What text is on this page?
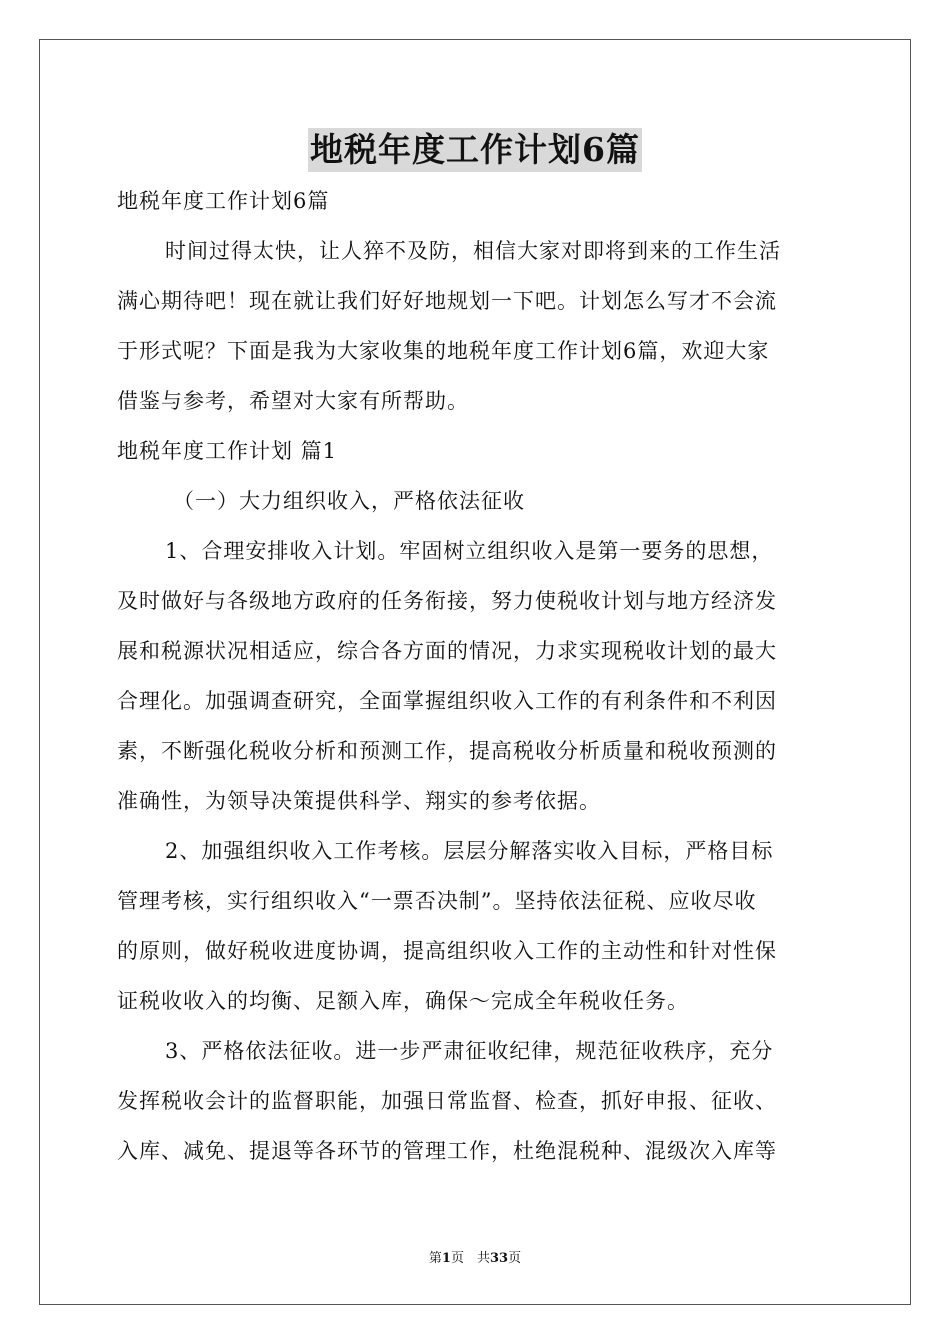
地税年度工作计划6篇

地税年度工作计划6篇

时间过得太快，让人猝不及防，相信大家对即将到来的工作生活

满心期待吧！现在就让我们好好地规划一下吧。计划怎么写才不会流

于形式呢？下面是我为大家收集的地税年度工作计划6篇，欢迎大家

借鉴与参考，希望对大家有所帮助。

地税年度工作计划 篇1

（一）大力组织收入，严格依法征收

1、合理安排收入计划。牢固树立组织收入是第一要务的思想，

及时做好与各级地方政府的任务衔接，努力使税收计划与地方经济发

展和税源状况相适应，综合各方面的情况，力求实现税收计划的最大

合理化。加强调查研究，全面掌握组织收入工作的有利条件和不利因

素，不断强化税收分析和预测工作，提高税收分析质量和税收预测的

准确性，为领导决策提供科学、翔实的参考依据。

2、加强组织收入工作考核。层层分解落实收入目标，严格目标

管理考核，实行组织收入“一票否决制”。坚持依法征税、应收尽收

的原则，做好税收进度协调，提高组织收入工作的主动性和针对性保

证税收收入的均衡、足额入库，确保～完成全年税收任务。

3、严格依法征收。进一步严肃征收纪律，规范征收秩序，充分

发挥税收会计的监督职能，加强日常监督、检查，抓好申报、征收、

入库、减免、提退等各环节的管理工作，杜绝混税种、混级次入库等

第1页　共33页
